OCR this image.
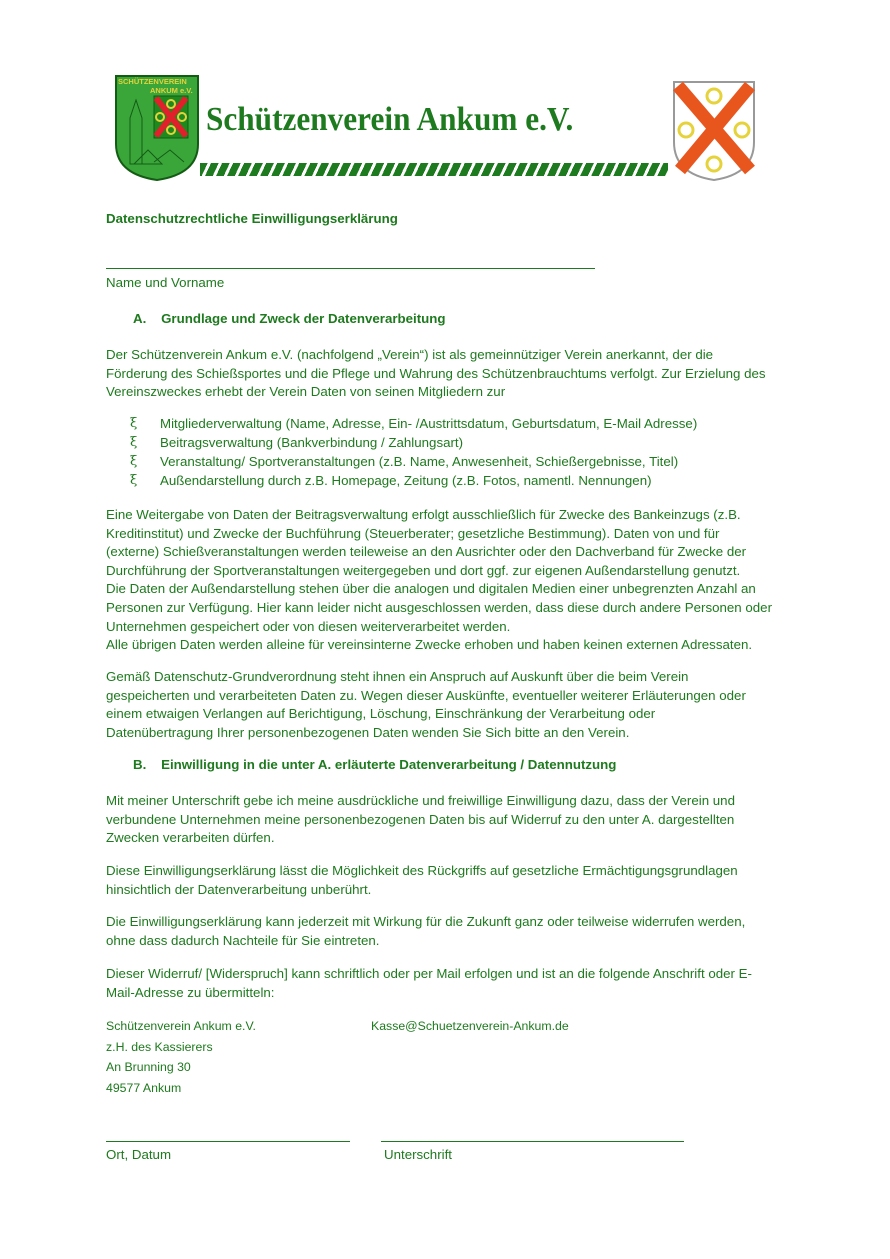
SCHÜTZENVEREIN
ANKUM e.V.
Schützenverein Ankum e.V.
Datenschutzrechtliche Einwilligungserklärung
Name und Vorname
A.    Grundlage und Zweck der Datenverarbeitung
Der Schützenverein Ankum e.V. (nachfolgend „Verein“) ist als gemeinnütziger Verein anerkannt, der die
Förderung des Schießsportes und die Pflege und Wahrung des Schützenbrauchtums verfolgt. Zur Erzielung des
Vereinszweckes erhebt der Verein Daten von seinen Mitgliedern zur
ξ Mitgliederverwaltung (Name, Adresse, Ein- /Austrittsdatum, Geburtsdatum, E-Mail Adresse)
ξ Beitragsverwaltung (Bankverbindung / Zahlungsart)
ξ Veranstaltung/ Sportveranstaltungen (z.B. Name, Anwesenheit, Schießergebnisse, Titel)
ξ Außendarstellung durch z.B. Homepage, Zeitung (z.B. Fotos, namentl. Nennungen)
Eine Weitergabe von Daten der Beitragsverwaltung erfolgt ausschließlich für Zwecke des Bankeinzugs (z.B.
Kreditinstitut) und Zwecke der Buchführung (Steuerberater; gesetzliche Bestimmung). Daten von und für
(externe) Schießveranstaltungen werden teileweise an den Ausrichter oder den Dachverband für Zwecke der
Durchführung der Sportveranstaltungen weitergegeben und dort ggf. zur eigenen Außendarstellung genutzt.
Die Daten der Außendarstellung stehen über die analogen und digitalen Medien einer unbegrenzten Anzahl an
Personen zur Verfügung. Hier kann leider nicht ausgeschlossen werden, dass diese durch andere Personen oder
Unternehmen gespeichert oder von diesen weiterverarbeitet werden.
Alle übrigen Daten werden alleine für vereinsinterne Zwecke erhoben und haben keinen externen Adressaten.
Gemäß Datenschutz-Grundverordnung steht ihnen ein Anspruch auf Auskunft über die beim Verein
gespeicherten und verarbeiteten Daten zu. Wegen dieser Auskünfte, eventueller weiterer Erläuterungen oder
einem etwaigen Verlangen auf Berichtigung, Löschung, Einschränkung der Verarbeitung oder
Datenübertragung Ihrer personenbezogenen Daten wenden Sie Sich bitte an den Verein.
B.    Einwilligung in die unter A. erläuterte Datenverarbeitung / Datennutzung
Mit meiner Unterschrift gebe ich meine ausdrückliche und freiwillige Einwilligung dazu, dass der Verein und
verbundene Unternehmen meine personenbezogenen Daten bis auf Widerruf zu den unter A. dargestellten
Zwecken verarbeiten dürfen.
Diese Einwilligungserklärung lässt die Möglichkeit des Rückgriffs auf gesetzliche Ermächtigungsgrundlagen
hinsichtlich der Datenverarbeitung unberührt.
Die Einwilligungserklärung kann jederzeit mit Wirkung für die Zukunft ganz oder teilweise widerrufen werden,
ohne dass dadurch Nachteile für Sie eintreten.
Dieser Widerruf/ [Widerspruch] kann schriftlich oder per Mail erfolgen und ist an die folgende Anschrift oder E-
Mail-Adresse zu übermitteln:
Schützenverein Ankum e.V.
z.H. des Kassierers
An Brunning 30
49577 Ankum
Kasse@Schuetzenverein-Ankum.de
Ort, Datum	Unterschrift
